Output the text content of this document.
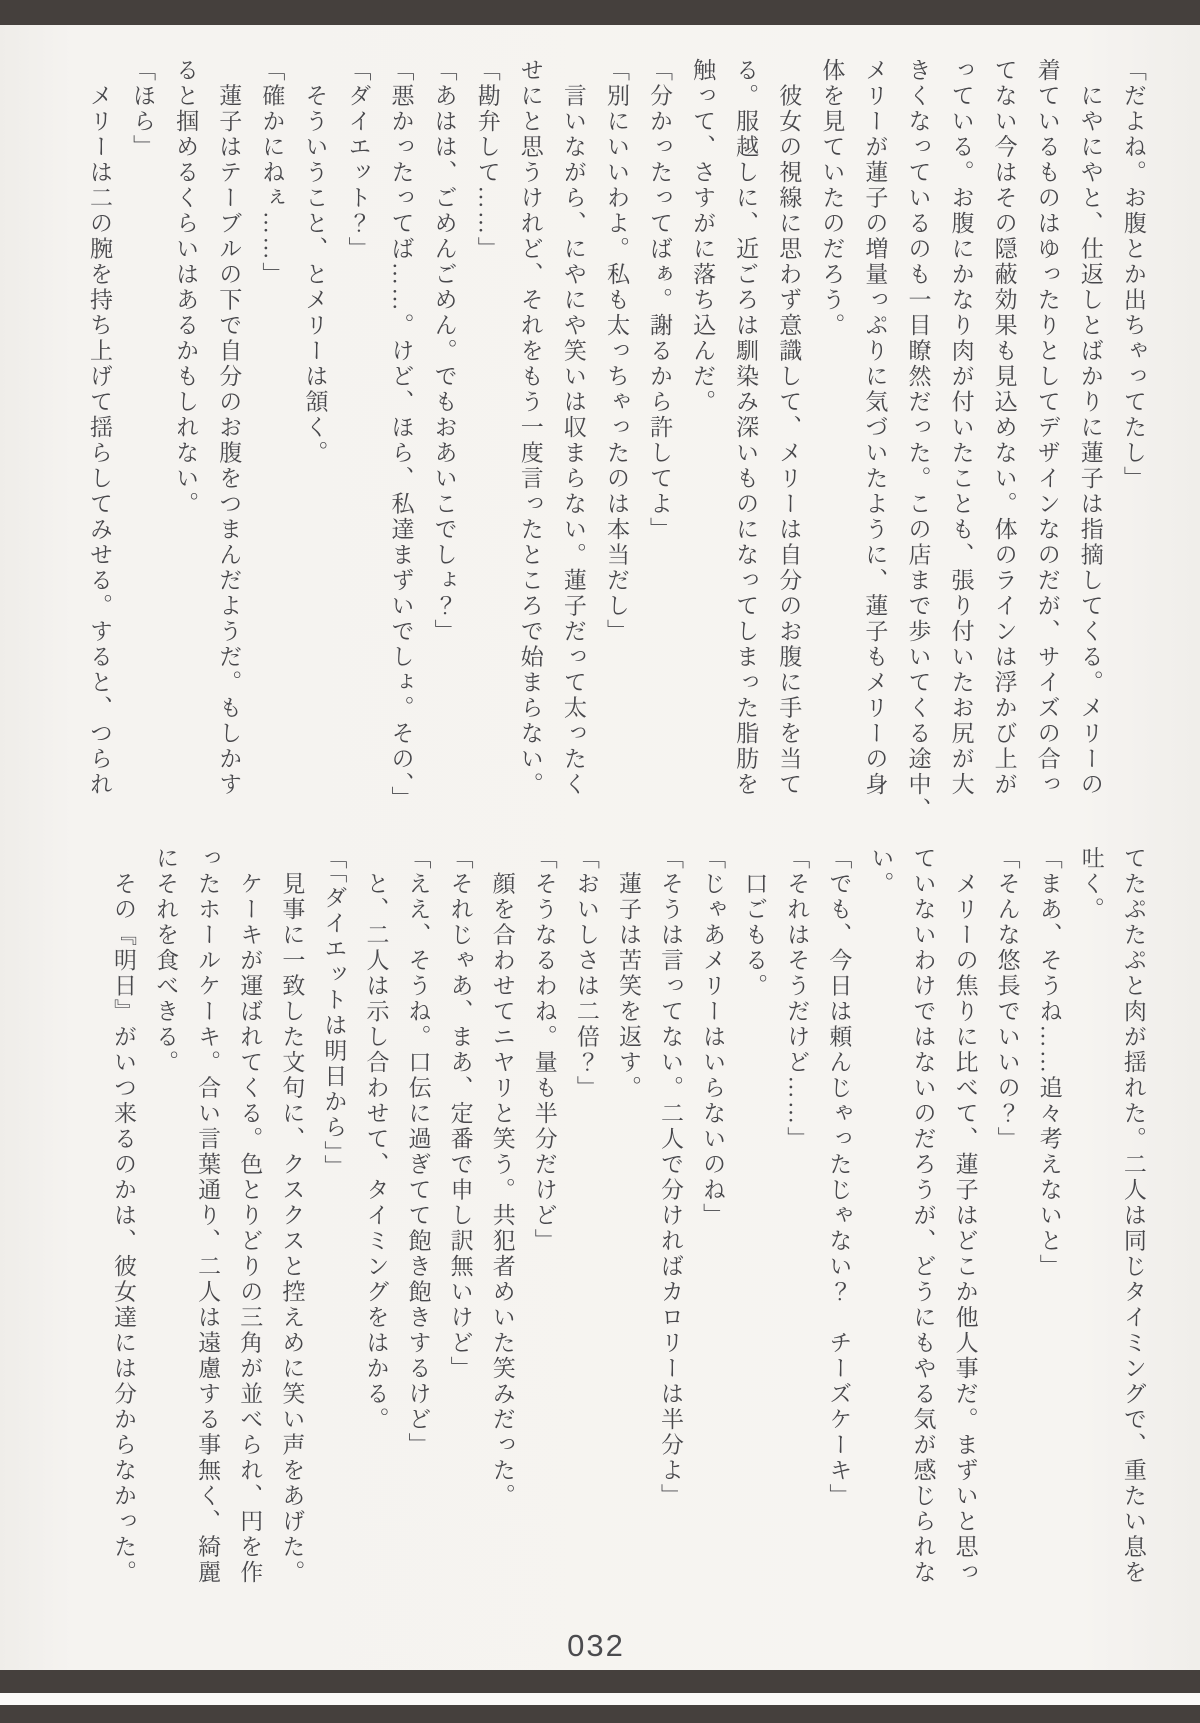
「だよね。お腹とか出ちゃってたし」
　にやにやと、仕返しとばかりに蓮子は指摘してくる。メリーの
着ているものはゆったりとしてデザインなのだが、サイズの合っ
てない今はその隠蔽効果も見込めない。体のラインは浮かび上が
っている。お腹にかなり肉が付いたことも、張り付いたお尻が大
きくなっているのも一目瞭然だった。この店まで歩いてくる途中、
メリーが蓮子の増量っぷりに気づいたように、蓮子もメリーの身
体を見ていたのだろう。
　彼女の視線に思わず意識して、メリーは自分のお腹に手を当て
る。服越しに、近ごろは馴染み深いものになってしまった脂肪を
触って、さすがに落ち込んだ。
「分かったってばぁ。謝るから許してよ」
「別にいいわよ。私も太っちゃったのは本当だし」
　言いながら、にやにや笑いは収まらない。蓮子だって太ったく
せにと思うけれど、それをもう一度言ったところで始まらない。
「勘弁して……」
「あはは、ごめんごめん。でもおあいこでしょ？」
「悪かったってば……。けど、ほら、私達まずいでしょ。その、」
「ダイエット？」
　そういうこと、とメリーは頷く。
「確かにねぇ……」
　蓮子はテーブルの下で自分のお腹をつまんだようだ。もしかす
ると掴めるくらいはあるかもしれない。
「ほら」
　メリーは二の腕を持ち上げて揺らしてみせる。すると、つられ
てたぷたぷと肉が揺れた。二人は同じタイミングで、重たい息を
吐く。
「まあ、そうね……追々考えないと」
「そんな悠長でいいの？」
　メリーの焦りに比べて、蓮子はどこか他人事だ。まずいと思っ
ていないわけではないのだろうが、どうにもやる気が感じられな
い。
「でも、今日は頼んじゃったじゃない？　チーズケーキ」
「それはそうだけど……」
　口ごもる。
「じゃあメリーはいらないのね」
「そうは言ってない。二人で分ければカロリーは半分よ」
　蓮子は苦笑を返す。
「おいしさは二倍？」
「そうなるわね。量も半分だけど」
　顔を合わせてニヤリと笑う。共犯者めいた笑みだった。
「それじゃあ、まあ、定番で申し訳無いけど」
「ええ、そうね。口伝に過ぎてて飽き飽きするけど」
　と、二人は示し合わせて、タイミングをはかる。
「「ダイエットは明日から」」
　見事に一致した文句に、クスクスと控えめに笑い声をあげた。
　ケーキが運ばれてくる。色とりどりの三角が並べられ、円を作
ったホールケーキ。合い言葉通り、二人は遠慮する事無く、綺麗
にそれを食べきる。
　その『明日』がいつ来るのかは、彼女達には分からなかった。
032
